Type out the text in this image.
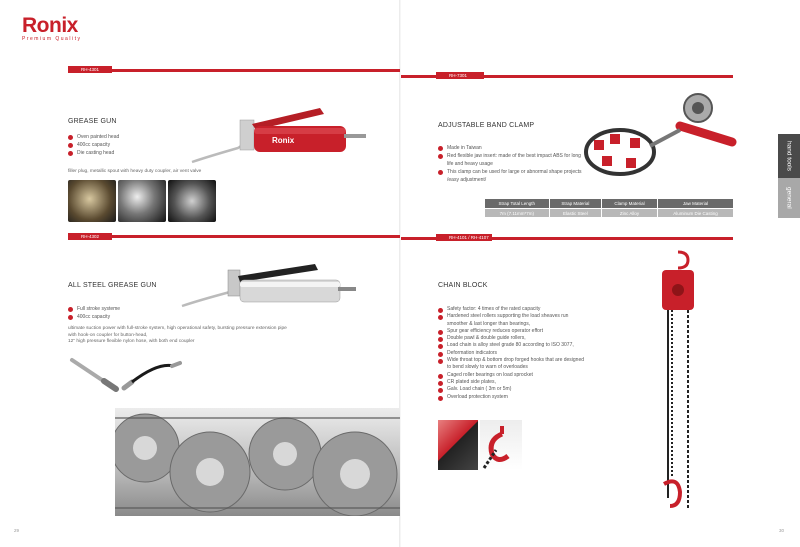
Ronix
Premium Quality
RH-4301
GREASE GUN
Oven painted head
400cc capacity
Die casting head
filler plug, metallic spout with heavy duty coupler, air vent valve
Ronix
RH-4302
ALL STEEL GREASE GUN
Full stroke systeme
400cc capacity
ultimate suction power with full-stroke system, high operational safety, bursting pressure extension pipe
with hook-on coupler for button-head,
12" high pressure flexible nylon hose, with both end coupler
29
RH-7301
ADJUSTABLE BAND CLAMP
Made in Taiwan
Red flexible jaw insert: made of the best impact ABS for long life and heavy usage
This clamp can be used for large or abnormal shape projects /easy adjustment/
Strap Total Length	Strap Material	Clamp Material	Jaw Material
7m (7.11mm*7m)	Elastic Steel	Zinc Alloy	Aluminum Die Casting
RH-4101 / RH-4107
CHAIN BLOCK
Safety factor: 4 times of the rated capacity
Hardened steel rollers supporting the load sheaves run smoother & last longer than bearings,
Spur gear efficiency reduces operator effort
Double pawl & double guide rollers,
Load chain is alloy steel grade 80 according to ISO 3077,
Deformation indicators
Wide throat top & bottom drop forged hooks that are designed to bend slowly to warn of overloades
Caged roller bearings on load sprocket
CR plated side plates,
Galv. Load chain ( 3m or 5m)
Overload protection system
hand tools
general
30
